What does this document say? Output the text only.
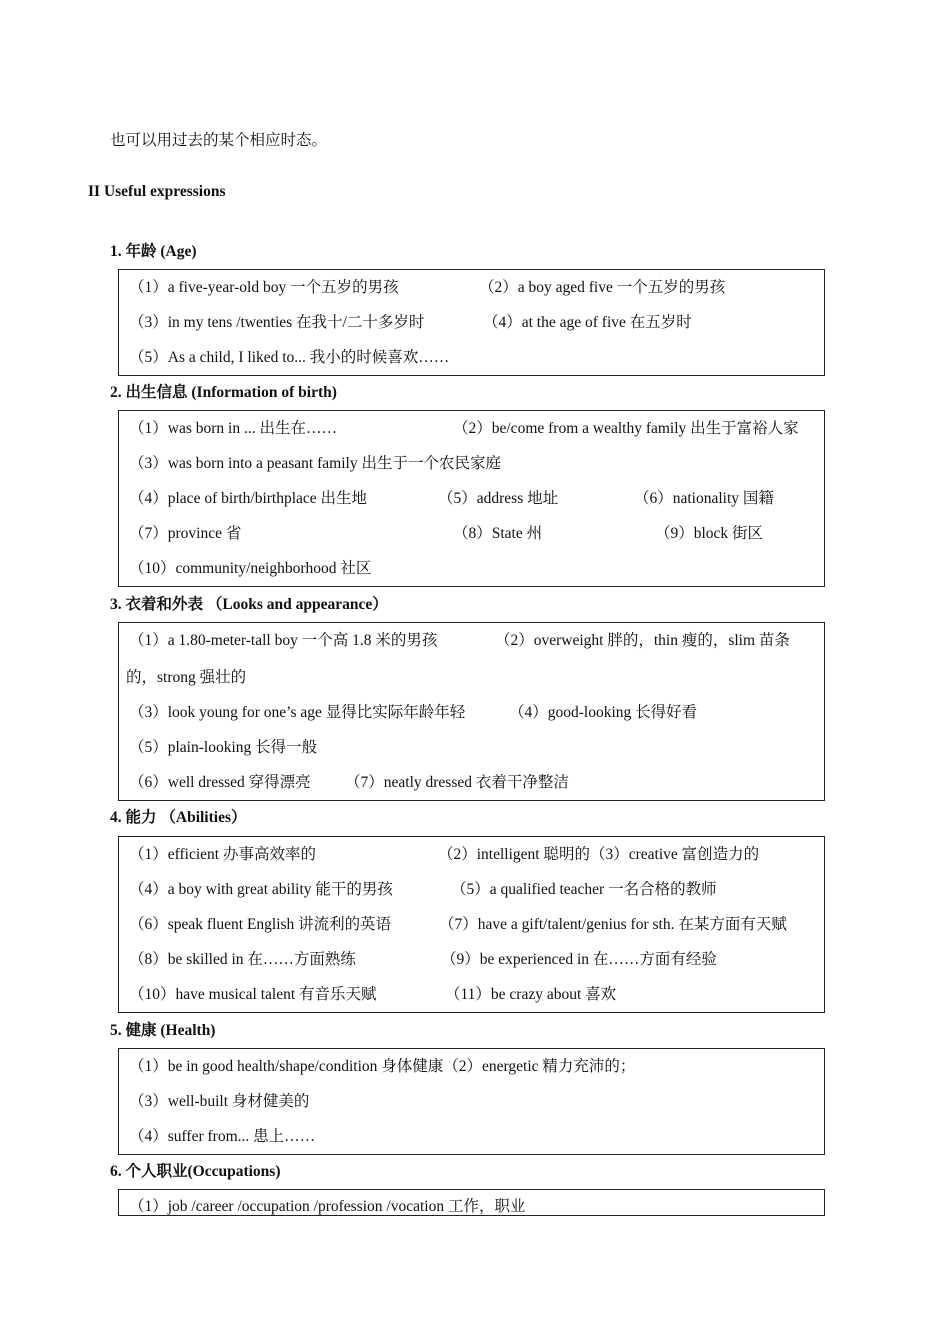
也可以用过去的某个相应时态。
II Useful expressions
1. 年龄 (Age)
（1）a five-year-old boy 一个五岁的男孩	（2）a boy aged five 一个五岁的男孩
（3）in my tens /twenties 在我十/二十多岁时	（4）at the age of five 在五岁时
（5）As a child, I liked to... 我小的时候喜欢……
2. 出生信息 (Information of birth)
（1）was born in ... 出生在……	（2）be/come from a wealthy family 出生于富裕人家
（3）was born into a peasant family 出生于一个农民家庭
（4）place of birth/birthplace 出生地	（5）address 地址	（6）nationality 国籍
（7）province 省	（8）State 州	（9）block 街区
（10）community/neighborhood 社区
3. 衣着和外表 （Looks and appearance）
（1）a 1.80-meter-tall boy 一个高 1.8 米的男孩	（2）overweight 胖的，thin 瘦的，slim 苗条
的，strong 强壮的
（3）look young for one’s age 显得比实际年龄年轻	（4）good-looking 长得好看
（5）plain-looking 长得一般
（6）well dressed 穿得漂亮 （7）neatly dressed 衣着干净整洁
4. 能力 （Abilities）
（1）efficient 办事高效率的	（2）intelligent 聪明的（3）creative 富创造力的
（4）a boy with great ability 能干的男孩	（5）a qualified teacher 一名合格的教师
（6）speak fluent English 讲流利的英语	（7）have a gift/talent/genius for sth. 在某方面有天赋
（8）be skilled in 在……方面熟练	（9）be experienced in 在……方面有经验
（10）have musical talent 有音乐天赋	（11）be crazy about 喜欢
5. 健康 (Health)
（1）be in good health/shape/condition 身体健康（2）energetic 精力充沛的；
（3）well-built 身材健美的
（4）suffer from... 患上……
6. 个人职业(Occupations)
（1）job /career /occupation /profession /vocation 工作，职业
